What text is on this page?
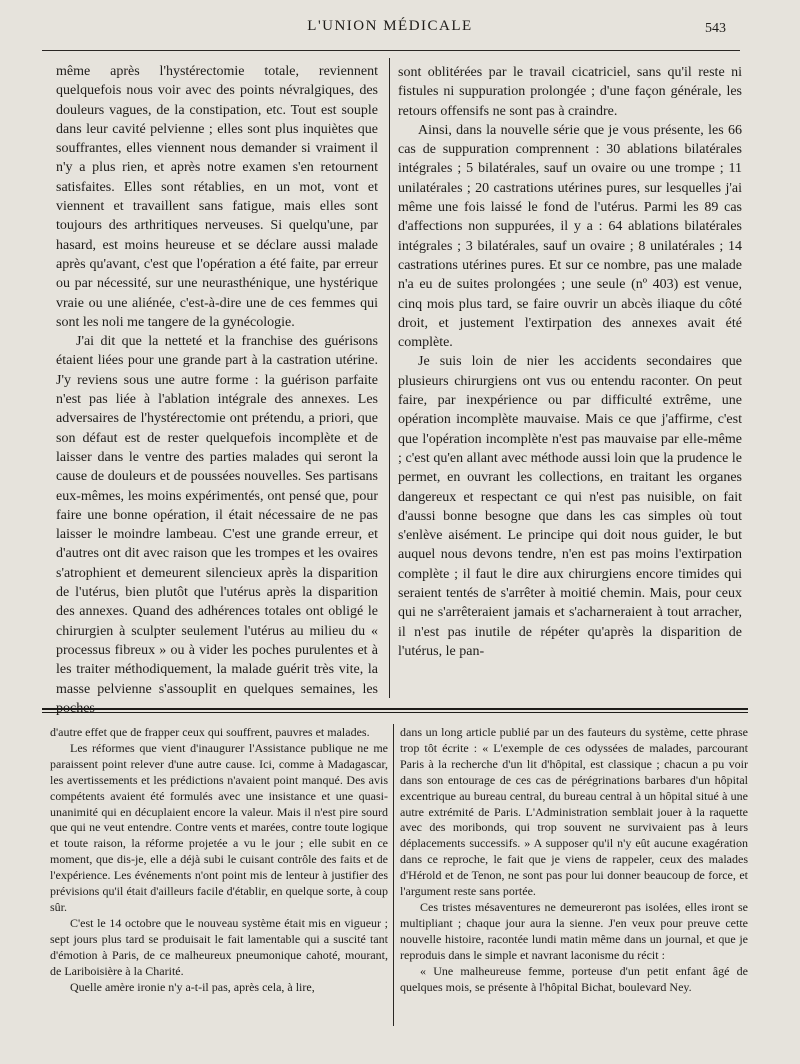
L'UNION MÉDICALE	543

même après l'hystérectomie totale, reviennent quelquefois nous voir avec des points névralgiques, des douleurs vagues, de la constipation, etc. Tout est souple dans leur cavité pelvienne ; elles sont plus inquiètes que souffrantes, elles viennent nous demander si vraiment il n'y a plus rien, et après notre examen s'en retournent satisfaites. Elles sont rétablies, en un mot, vont et viennent et travaillent sans fatigue, mais elles sont toujours des arthritiques nerveuses. Si quelqu'une, par hasard, est moins heureuse et se déclare aussi malade après qu'avant, c'est que l'opération a été faite, par erreur ou par nécessité, sur une neurasthénique, une hystérique vraie ou une aliénée, c'est-à-dire une de ces femmes qui sont les noli me tangere de la gynécologie.

J'ai dit que la netteté et la franchise des guérisons étaient liées pour une grande part à la castration utérine. J'y reviens sous une autre forme : la guérison parfaite n'est pas liée à l'ablation intégrale des annexes. Les adversaires de l'hystérectomie ont prétendu, a priori, que son défaut est de rester quelquefois incomplète et de laisser dans le ventre des parties malades qui seront la cause de douleurs et de poussées nouvelles. Ses partisans eux-mêmes, les moins expérimentés, ont pensé que, pour faire une bonne opération, il était nécessaire de ne pas laisser le moindre lambeau. C'est une grande erreur, et d'autres ont dit avec raison que les trompes et les ovaires s'atrophient et demeurent silencieux après la disparition de l'utérus, bien plutôt que l'utérus après la disparition des annexes. Quand des adhérences totales ont obligé le chirurgien à sculpter seulement l'utérus au milieu du « processus fibreux » ou à vider les poches purulentes et à les traiter méthodiquement, la malade guérit très vite, la masse pelvienne s'assouplit en quelques semaines, les poches

sont oblitérées par le travail cicatriciel, sans qu'il reste ni fistules ni suppuration prolongée ; d'une façon générale, les retours offensifs ne sont pas à craindre.

Ainsi, dans la nouvelle série que je vous présente, les 66 cas de suppuration comprennent : 30 ablations bilatérales intégrales ; 5 bilatérales, sauf un ovaire ou une trompe ; 11 unilatérales ; 20 castrations utérines pures, sur lesquelles j'ai même une fois laissé le fond de l'utérus. Parmi les 89 cas d'affections non suppurées, il y a : 64 ablations bilatérales intégrales ; 3 bilatérales, sauf un ovaire ; 8 unilatérales ; 14 castrations utérines pures. Et sur ce nombre, pas une malade n'a eu de suites prolongées ; une seule (nº 403) est venue, cinq mois plus tard, se faire ouvrir un abcès iliaque du côté droit, et justement l'extirpation des annexes avait été complète.

Je suis loin de nier les accidents secondaires que plusieurs chirurgiens ont vus ou entendu raconter. On peut faire, par inexpérience ou par difficulté extrême, une opération incomplète mauvaise. Mais ce que j'affirme, c'est que l'opération incomplète n'est pas mauvaise par elle-même ; c'est qu'en allant avec méthode aussi loin que la prudence le permet, en ouvrant les collections, en traitant les organes dangereux et respectant ce qui n'est pas nuisible, on fait d'aussi bonne besogne que dans les cas simples où tout s'enlève aisément. Le principe qui doit nous guider, le but auquel nous devons tendre, n'en est pas moins l'extirpation complète ; il faut le dire aux chirurgiens encore timides qui seraient tentés de s'arrêter à moitié chemin. Mais, pour ceux qui ne s'arrêteraient jamais et s'acharneraient à tout arracher, il n'est pas inutile de répéter qu'après la disparition de l'utérus, le pan-

d'autre effet que de frapper ceux qui souffrent, pauvres et malades.

Les réformes que vient d'inaugurer l'Assistance publique ne me paraissent point relever d'une autre cause. Ici, comme à Madagascar, les avertissements et les prédictions n'avaient point manqué. Des avis compétents avaient été formulés avec une insistance et une quasi-unanimité qui en décuplaient encore la valeur. Mais il n'est pire sourd que qui ne veut entendre. Contre vents et marées, contre toute logique et toute raison, la réforme projetée a vu le jour ; elle subit en ce moment, que dis-je, elle a déjà subi le cuisant contrôle des faits et de l'expérience. Les événements n'ont point mis de lenteur à justifier des prévisions qu'il était d'ailleurs facile d'établir, en quelque sorte, à coup sûr.

C'est le 14 octobre que le nouveau système était mis en vigueur ; sept jours plus tard se produisait le fait lamentable qui a suscité tant d'émotion à Paris, de ce malheureux pneumonique cahoté, mourant, de Lariboisière à la Charité.

Quelle amère ironie n'y a-t-il pas, après cela, à lire,

dans un long article publié par un des fauteurs du système, cette phrase trop tôt écrite : « L'exemple de ces odyssées de malades, parcourant Paris à la recherche d'un lit d'hôpital, est classique ; chacun a pu voir dans son entourage de ces cas de pérégrinations barbares d'un hôpital excentrique au bureau central, du bureau central à un hôpital situé à une autre extrémité de Paris. L'Administration semblait jouer à la raquette avec des moribonds, qui trop souvent ne survivaient pas à leurs déplacements successifs. » A supposer qu'il n'y eût aucune exagération dans ce reproche, le fait que je viens de rappeler, ceux des malades d'Hérold et de Tenon, ne sont pas pour lui donner beaucoup de force, et l'argument reste sans portée.

Ces tristes mésaventures ne demeureront pas isolées, elles iront se multipliant ; chaque jour aura la sienne. J'en veux pour preuve cette nouvelle histoire, racontée lundi matin même dans un journal, et que je reproduis dans le simple et navrant laconisme du récit :

« Une malheureuse femme, porteuse d'un petit enfant âgé de quelques mois, se présente à l'hôpital Bichat, boulevard Ney.
